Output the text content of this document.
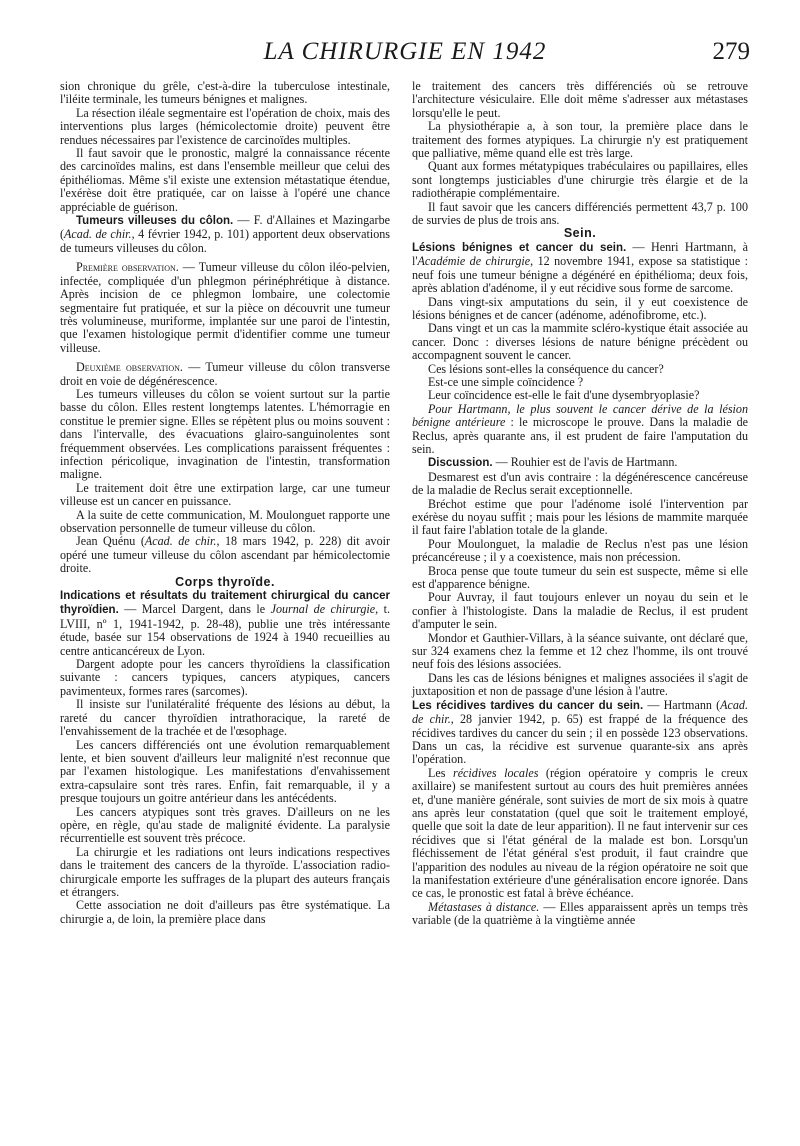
LA CHIRURGIE EN 1942	279

sion chronique du grêle, c'est-à-dire la tuberculose intestinale, l'iléite terminale, les tumeurs bénignes et malignes.

La résection iléale segmentaire est l'opération de choix, mais des interventions plus larges (hémicolectomie droite) peuvent être rendues nécessaires par l'existence de carcinoïdes multiples.

Il faut savoir que le pronostic, malgré la connaissance récente des carcinoïdes malins, est dans l'ensemble meilleur que celui des épithéliomas. Même s'il existe une extension métastatique étendue, l'exérèse doit être pratiquée, car on laisse à l'opéré une chance appréciable de guérison.

Tumeurs villeuses du côlon. — F. d'Allaines et Mazingarbe (Acad. de chir., 4 février 1942, p. 101) apportent deux observations de tumeurs villeuses du côlon.

Première observation. — Tumeur villeuse du côlon iléo-pelvien, infectée, compliquée d'un phlegmon périnéphrétique à distance. Après incision de ce phlegmon lombaire, une colectomie segmentaire fut pratiquée, et sur la pièce on découvrit une tumeur très volumineuse, muriforme, implantée sur une paroi de l'intestin, que l'examen histologique permit d'identifier comme une tumeur villeuse.

Deuxième observation. — Tumeur villeuse du côlon transverse droit en voie de dégénérescence.

Les tumeurs villeuses du côlon se voient surtout sur la partie basse du côlon. Elles restent longtemps latentes. L'hémorragie en constitue le premier signe. Elles se répètent plus ou moins souvent : dans l'intervalle, des évacuations glairo-sanguinolentes sont fréquemment observées. Les complications paraissent fréquentes : infection péricolique, invagination de l'intestin, transformation maligne.

Le traitement doit être une extirpation large, car une tumeur villeuse est un cancer en puissance.

A la suite de cette communication, M. Moulonguet rapporte une observation personnelle de tumeur villeuse du côlon.

Jean Quénu (Acad. de chir., 18 mars 1942, p. 228) dit avoir opéré une tumeur villeuse du côlon ascendant par hémicolectomie droite.

Corps thyroïde.

Indications et résultats du traitement chirurgical du cancer thyroïdien. — Marcel Dargent, dans le Journal de chirurgie, t. LVIII, nº 1, 1941-1942, p. 28-48), publie une très intéressante étude, basée sur 154 observations de 1924 à 1940 recueillies au centre anticancéreux de Lyon.

Dargent adopte pour les cancers thyroïdiens la classification suivante : cancers typiques, cancers atypiques, cancers pavimenteux, formes rares (sarcomes).

Il insiste sur l'unilatéralité fréquente des lésions au début, la rareté du cancer thyroïdien intrathoracique, la rareté de l'envahissement de la trachée et de l'œsophage.

Les cancers différenciés ont une évolution remarquablement lente, et bien souvent d'ailleurs leur malignité n'est reconnue que par l'examen histologique. Les manifestations d'envahissement extra-capsulaire sont très rares. Enfin, fait remarquable, il y a presque toujours un goitre antérieur dans les antécédents.

Les cancers atypiques sont très graves. D'ailleurs on ne les opère, en règle, qu'au stade de malignité évidente. La paralysie récurrentielle est souvent très précoce.

La chirurgie et les radiations ont leurs indications respectives dans le traitement des cancers de la thyroïde. L'association radio-chirurgicale emporte les suffrages de la plupart des auteurs français et étrangers.

Cette association ne doit d'ailleurs pas être systématique. La chirurgie a, de loin, la première place dans

le traitement des cancers très différenciés où se retrouve l'architecture vésiculaire. Elle doit même s'adresser aux métastases lorsqu'elle le peut.

La physiothérapie a, à son tour, la première place dans le traitement des formes atypiques. La chirurgie n'y est pratiquement que palliative, même quand elle est très large.

Quant aux formes métatypiques trabéculaires ou papillaires, elles sont longtemps justiciables d'une chirurgie très élargie et de la radiothérapie complémentaire.

Il faut savoir que les cancers différenciés permettent 43,7 p. 100 de survies de plus de trois ans.

Sein.

Lésions bénignes et cancer du sein. — Henri Hartmann, à l'Académie de chirurgie, 12 novembre 1941, expose sa statistique : neuf fois une tumeur bénigne a dégénéré en épithélioma; deux fois, après ablation d'adénome, il y eut récidive sous forme de sarcome.

Dans vingt-six amputations du sein, il y eut coexistence de lésions bénignes et de cancer (adénome, adénofibrome, etc.).

Dans vingt et un cas la mammite scléro-kystique était associée au cancer. Donc : diverses lésions de nature bénigne précèdent ou accompagnent souvent le cancer.

Ces lésions sont-elles la conséquence du cancer?

Est-ce une simple coïncidence ?

Leur coïncidence est-elle le fait d'une dysembryoplasie?

Pour Hartmann, le plus souvent le cancer dérive de la lésion bénigne antérieure : le microscope le prouve. Dans la maladie de Reclus, après quarante ans, il est prudent de faire l'amputation du sein.

Discussion. — Rouhier est de l'avis de Hartmann.

Desmarest est d'un avis contraire : la dégénérescence cancéreuse de la maladie de Reclus serait exceptionnelle.

Bréchot estime que pour l'adénome isolé l'intervention par exérèse du noyau suffit ; mais pour les lésions de mammite marquée il faut faire l'ablation totale de la glande.

Pour Moulonguet, la maladie de Reclus n'est pas une lésion précancéreuse ; il y a coexistence, mais non précession.

Broca pense que toute tumeur du sein est suspecte, même si elle est d'apparence bénigne.

Pour Auvray, il faut toujours enlever un noyau du sein et le confier à l'histologiste. Dans la maladie de Reclus, il est prudent d'amputer le sein.

Mondor et Gauthier-Villars, à la séance suivante, ont déclaré que, sur 324 examens chez la femme et 12 chez l'homme, ils ont trouvé neuf fois des lésions associées.

Dans les cas de lésions bénignes et malignes associées il s'agit de juxtaposition et non de passage d'une lésion à l'autre.

Les récidives tardives du cancer du sein. — Hartmann (Acad. de chir., 28 janvier 1942, p. 65) est frappé de la fréquence des récidives tardives du cancer du sein ; il en possède 123 observations. Dans un cas, la récidive est survenue quarante-six ans après l'opération.

Les récidives locales (région opératoire y compris le creux axillaire) se manifestent surtout au cours des huit premières années et, d'une manière générale, sont suivies de mort de six mois à quatre ans après leur constatation (quel que soit le traitement employé, quelle que soit la date de leur apparition). Il ne faut intervenir sur ces récidives que si l'état général de la malade est bon. Lorsqu'un fléchissement de l'état général s'est produit, il faut craindre que l'apparition des nodules au niveau de la région opératoire ne soit que la manifestation extérieure d'une généralisation encore ignorée. Dans ce cas, le pronostic est fatal à brève échéance.

Métastases à distance. — Elles apparaissent après un temps très variable (de la quatrième à la vingtième année
